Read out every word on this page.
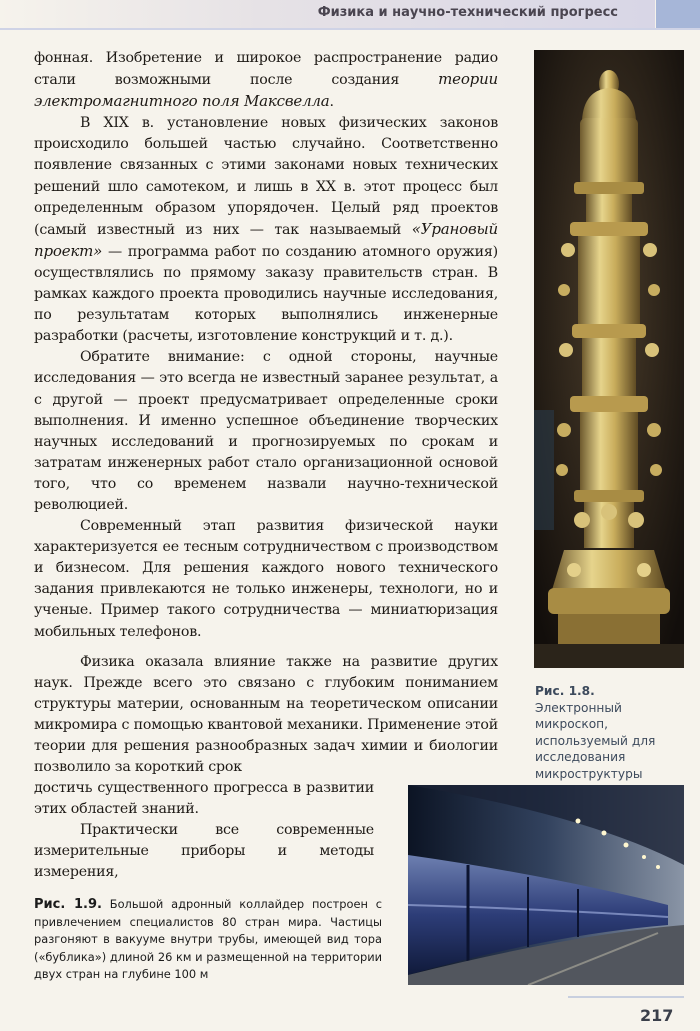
Физика и научно-технический прогресс

фонная. Изобретение и широкое распространение радио стали возможными после создания теории электромагнитного поля Максвелла.

В XIX в. установление новых физических законов происходило большей частью случайно. Соответственно появление связанных с этими законами новых технических решений шло самотеком, и лишь в XX в. этот процесс был определенным образом упорядочен. Целый ряд проектов (самый известный из них — так называемый «Урановый проект» — программа работ по созданию атомного оружия) осуществлялись по прямому заказу правительств стран. В рамках каждого проекта проводились научные исследования, по результатам которых выполнялись инженерные разработки (расчеты, изготовление конструкций и т. д.).

Обратите внимание: с одной стороны, научные исследования — это всегда не известный заранее результат, а с другой — проект предусматривает определенные сроки выполнения. И именно успешное объединение творческих научных исследований и прогнозируемых по срокам и затратам инженерных работ стало организационной основой того, что со временем назвали научно-технической революцией.

Современный этап развития физической науки характеризуется ее тесным сотрудничеством с производством и бизнесом. Для решения каждого нового технического задания привлекаются не только инженеры, технологи, но и ученые. Пример такого сотрудничества — миниатюризация мобильных телефонов.

Физика оказала влияние также на развитие других наук. Прежде всего это связано с глубоким пониманием структуры материи, основанным на теоретическом описании микромира с помощью квантовой механики. Применение этой теории для решения разнообразных задач химии и биологии позволило за короткий срок

достичь существенного прогресса в развитии этих областей знаний.

Практически все современные измерительные приборы и методы измерения,

Рис. 1.8. Электронный микроскоп, используемый для исследования микроструктуры
Рис. 1.9. Большой адронный коллайдер построен с привлечением специалистов 80 стран мира. Частицы разгоняют в вакууме внутри трубы, имеющей вид тора («бублика») длиной 26 км и размещенной на территории двух стран на глубине 100 м
217
